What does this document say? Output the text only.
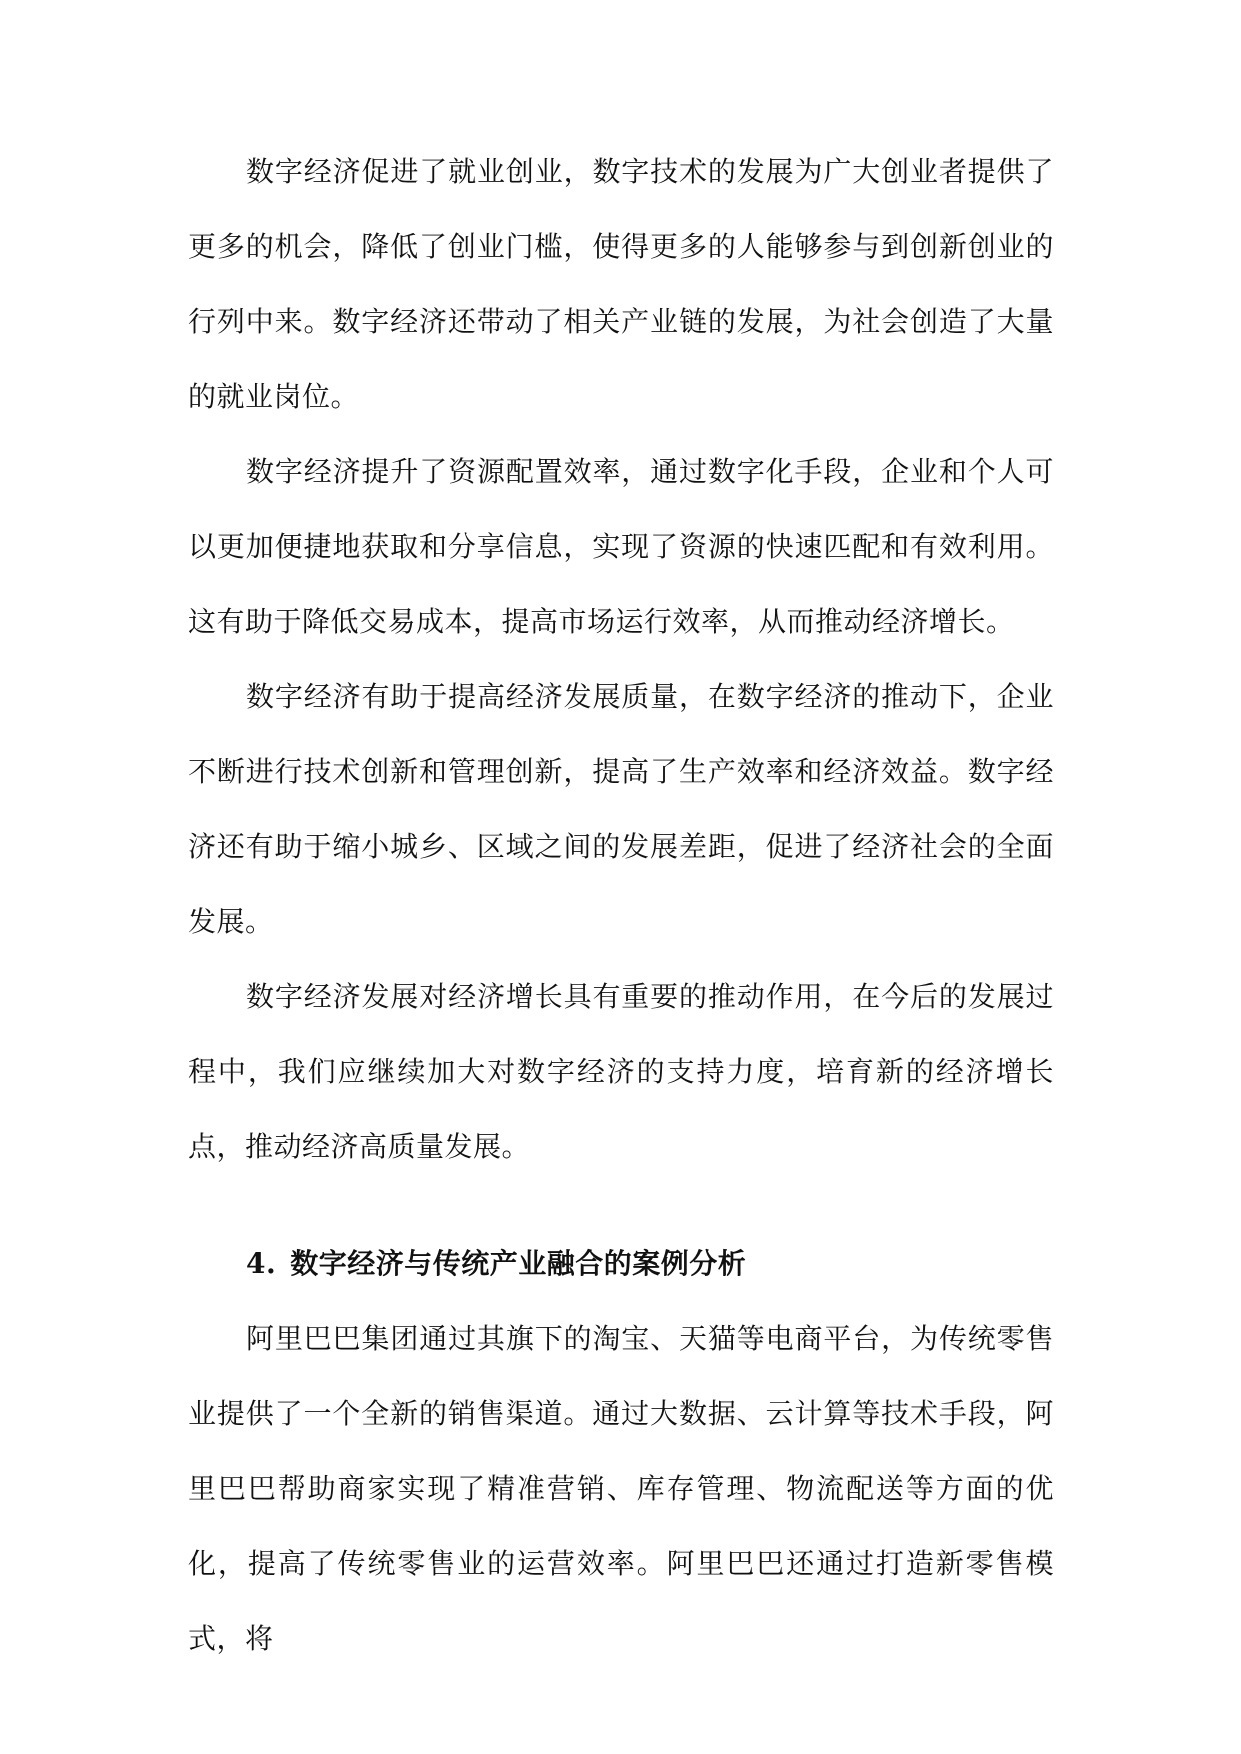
数字经济促进了就业创业，数字技术的发展为广大创业者提供了更多的机会，降低了创业门槛，使得更多的人能够参与到创新创业的行列中来。数字经济还带动了相关产业链的发展，为社会创造了大量的就业岗位。

数字经济提升了资源配置效率，通过数字化手段，企业和个人可以更加便捷地获取和分享信息，实现了资源的快速匹配和有效利用。这有助于降低交易成本，提高市场运行效率，从而推动经济增长。

数字经济有助于提高经济发展质量，在数字经济的推动下，企业不断进行技术创新和管理创新，提高了生产效率和经济效益。数字经济还有助于缩小城乡、区域之间的发展差距，促进了经济社会的全面发展。

数字经济发展对经济增长具有重要的推动作用，在今后的发展过程中，我们应继续加大对数字经济的支持力度，培育新的经济增长点，推动经济高质量发展。

4. 数字经济与传统产业融合的案例分析

阿里巴巴集团通过其旗下的淘宝、天猫等电商平台，为传统零售业提供了一个全新的销售渠道。通过大数据、云计算等技术手段，阿里巴巴帮助商家实现了精准营销、库存管理、物流配送等方面的优化，提高了传统零售业的运营效率。阿里巴巴还通过打造新零售模式，将
